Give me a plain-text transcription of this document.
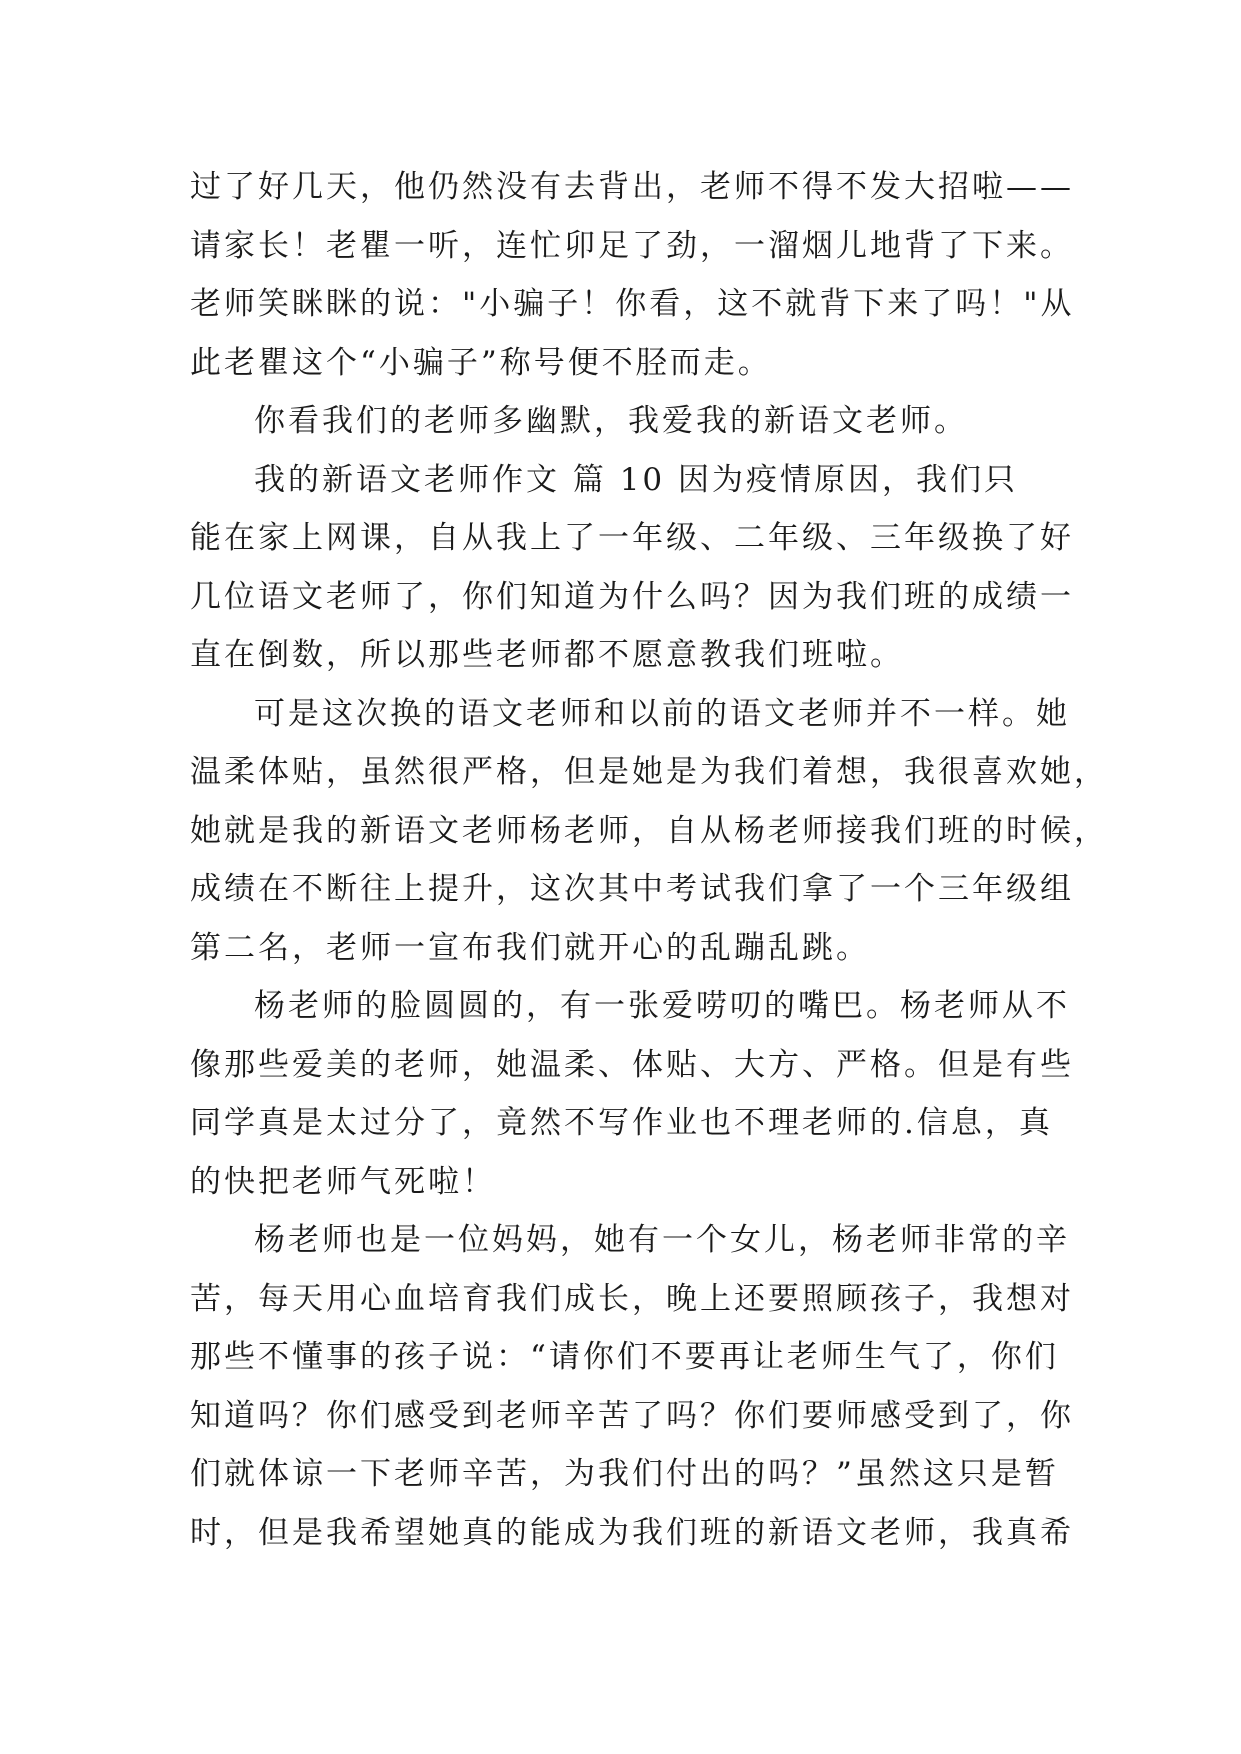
过了好几天，他仍然没有去背出，老师不得不发大招啦——
请家长！老瞿一听，连忙卯足了劲，一溜烟儿地背了下来。
老师笑眯眯的说："小骗子！你看，这不就背下来了吗！"从
此老瞿这个“小骗子”称号便不胫而走。
你看我们的老师多幽默，我爱我的新语文老师。
我的新语文老师作文 篇 10 因为疫情原因，我们只
能在家上网课，自从我上了一年级、二年级、三年级换了好
几位语文老师了，你们知道为什么吗？因为我们班的成绩一
直在倒数，所以那些老师都不愿意教我们班啦。
可是这次换的语文老师和以前的语文老师并不一样。她
温柔体贴，虽然很严格，但是她是为我们着想，我很喜欢她，
她就是我的新语文老师杨老师，自从杨老师接我们班的时候，
成绩在不断往上提升，这次其中考试我们拿了一个三年级组
第二名，老师一宣布我们就开心的乱蹦乱跳。
杨老师的脸圆圆的，有一张爱唠叨的嘴巴。杨老师从不
像那些爱美的老师，她温柔、体贴、大方、严格。但是有些
同学真是太过分了，竟然不写作业也不理老师的.信息，真
的快把老师气死啦！
杨老师也是一位妈妈，她有一个女儿，杨老师非常的辛
苦，每天用心血培育我们成长，晚上还要照顾孩子，我想对
那些不懂事的孩子说：“请你们不要再让老师生气了，你们
知道吗？你们感受到老师辛苦了吗？你们要师感受到了，你
们就体谅一下老师辛苦，为我们付出的吗？”虽然这只是暂
时，但是我希望她真的能成为我们班的新语文老师，我真希
